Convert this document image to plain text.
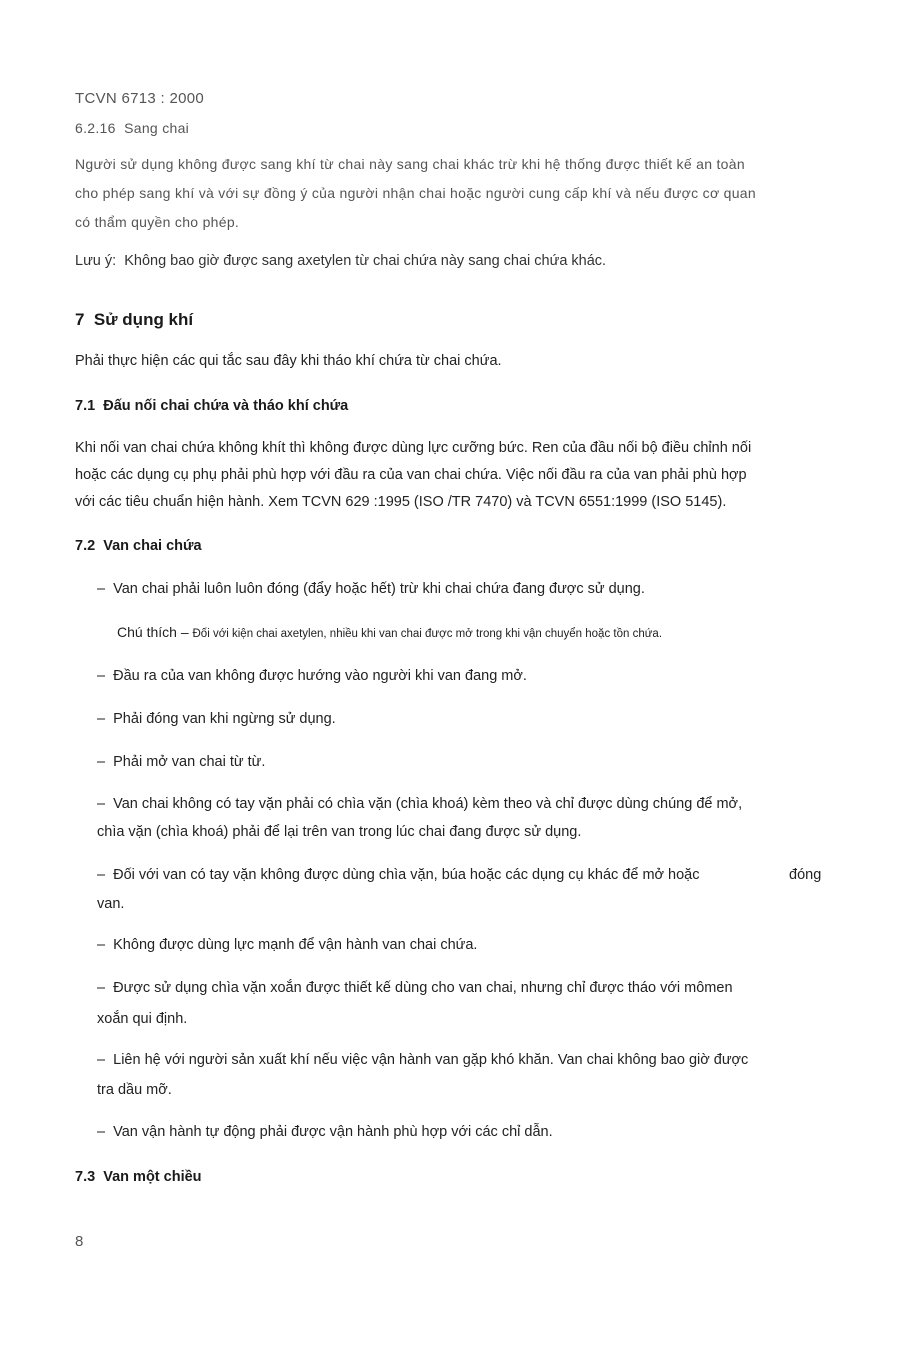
TCVN 6713 : 2000
6.2.16 Sang chai
Người sử dụng không được sang khí từ chai này sang chai khác trừ khi hệ thống được thiết kế an toàn
cho phép sang khí và với sự đồng ý của người nhận chai hoặc người cung cấp khí và nếu được cơ quan
có thẩm quyền cho phép.
Lưu ý: Không bao giờ được sang axetylen từ chai chứa này sang chai chứa khác.
7 Sử dụng khí
Phải thực hiện các qui tắc sau đây khi tháo khí chứa từ chai chứa.
7.1 Đấu nối chai chứa và tháo khí chứa
Khi nối van chai chứa không khít thì không được dùng lực cưỡng bức. Ren của đầu nối bộ điều chỉnh nối
hoặc các dụng cụ phụ phải phù hợp với đầu ra của van chai chứa. Việc nối đầu ra của van phải phù hợp
với các tiêu chuẩn hiện hành. Xem TCVN 629 :1995 (ISO /TR 7470) và TCVN 6551:1999 (ISO 5145).
7.2 Van chai chứa
– Van chai phải luôn luôn đóng (đẩy hoặc hết) trừ khi chai chứa đang được sử dụng.
Chú thích – Đối với kiện chai axetylen, nhiều khi van chai được mở trong khi vận chuyển hoặc tồn chứa.
– Đầu ra của van không được hướng vào người khi van đang mở.
– Phải đóng van khi ngừng sử dụng.
– Phải mở van chai từ từ.
– Van chai không có tay vặn phải có chìa vặn (chìa khoá) kèm theo và chỉ được dùng chúng để mở,
chìa vặn (chìa khoá) phải để lại trên van trong lúc chai đang được sử dụng.
– Đối với van có tay vặn không được dùng chìa vặn, búa hoặc các dụng cụ khác để mở hoặc	đóng
van.
– Không được dùng lực mạnh để vận hành van chai chứa.
– Được sử dụng chìa vặn xoắn được thiết kế dùng cho van chai, nhưng chỉ được tháo với mômen
xoắn qui định.
– Liên hệ với người sản xuất khí nếu việc vận hành van gặp khó khăn. Van chai không bao giờ được
tra dầu mỡ.
– Van vận hành tự động phải được vận hành phù hợp với các chỉ dẫn.
7.3 Van một chiều
8
